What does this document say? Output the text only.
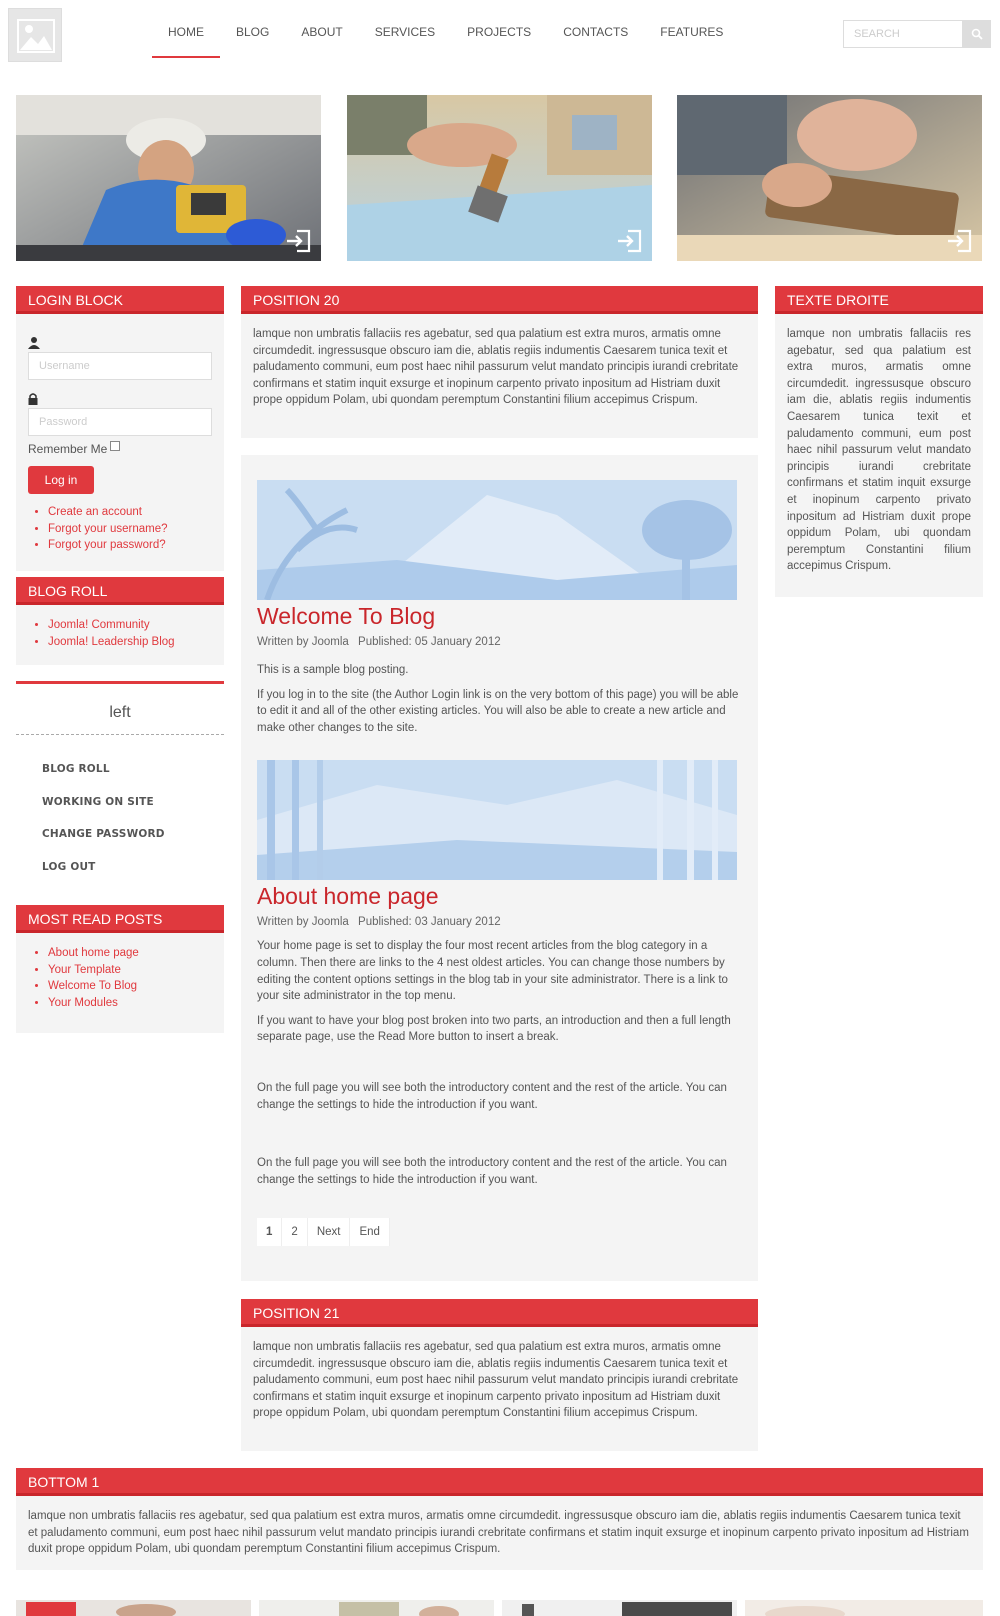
HOME	BLOG	ABOUT	SERVICES	PROJECTS	CONTACTS	FEATURES
SEARCH
LOGIN BLOCK
Username
Remember Me
Log in
• Create an account
• Forgot your username?
• Forgot your password?
BLOG ROLL
• Joomla! Community
• Joomla! Leadership Blog
left
BLOG ROLL
WORKING ON SITE
CHANGE PASSWORD
LOG OUT
MOST READ POSTS
• About home page
• Your Template
• Welcome To Blog
• Your Modules
POSITION 20
lamque non umbratis fallaciis res agebatur, sed qua palatium est extra muros, armatis omne circumdedit. ingressusque obscuro iam die, ablatis regiis indumentis Caesarem tunica texit et paludamento communi, eum post haec nihil passurum velut mandato principis iurandi crebritate confirmans et statim inquit exsurge et inopinum carpento privato inpositum ad Histriam duxit prope oppidum Polam, ubi quondam peremptum Constantini filium accepimus Crispum.
Welcome To Blog
Written by Joomla Published: 05 January 2012

This is a sample blog posting.

If you log in to the site (the Author Login link is on the very bottom of this page) you will be able to edit it and all of the other existing articles. You will also be able to create a new article and make other changes to the site.

About home page
Written by Joomla Published: 03 January 2012

Your home page is set to display the four most recent articles from the blog category in a column. Then there are links to the 4 nest oldest articles. You can change those numbers by editing the content options settings in the blog tab in your site administrator. There is a link to your site administrator in the top menu.

If you want to have your blog post broken into two parts, an introduction and then a full length separate page, use the Read More button to insert a break.

On the full page you will see both the introductory content and the rest of the article. You can change the settings to hide the introduction if you want.

On the full page you will see both the introductory content and the rest of the article. You can change the settings to hide the introduction if you want.

1	2	Next	End
POSITION 21
lamque non umbratis fallaciis res agebatur, sed qua palatium est extra muros, armatis omne circumdedit. ingressusque obscuro iam die, ablatis regiis indumentis Caesarem tunica texit et paludamento communi, eum post haec nihil passurum velut mandato principis iurandi crebritate confirmans et statim inquit exsurge et inopinum carpento privato inpositum ad Histriam duxit prope oppidum Polam, ubi quondam peremptum Constantini filium accepimus Crispum.
TEXTE DROITE
lamque non umbratis fallaciis res agebatur, sed qua palatium est extra muros, armatis omne circumdedit. ingressusque obscuro iam die, ablatis regiis indumentis Caesarem tunica texit et paludamento communi, eum post haec nihil passurum velut mandato principis iurandi crebritate confirmans et statim inquit exsurge et inopinum carpento privato inpositum ad Histriam duxit prope oppidum Polam, ubi quondam peremptum Constantini filium accepimus Crispum.
BOTTOM 1
lamque non umbratis fallaciis res agebatur, sed qua palatium est extra muros, armatis omne circumdedit. ingressusque obscuro iam die, ablatis regiis indumentis Caesarem tunica texit et paludamento communi, eum post haec nihil passurum velut mandato principis iurandi crebritate confirmans et statim inquit exsurge et inopinum carpento privato inpositum ad Histriam duxit prope oppidum Polam, ubi quondam peremptum Constantini filium accepimus Crispum.
